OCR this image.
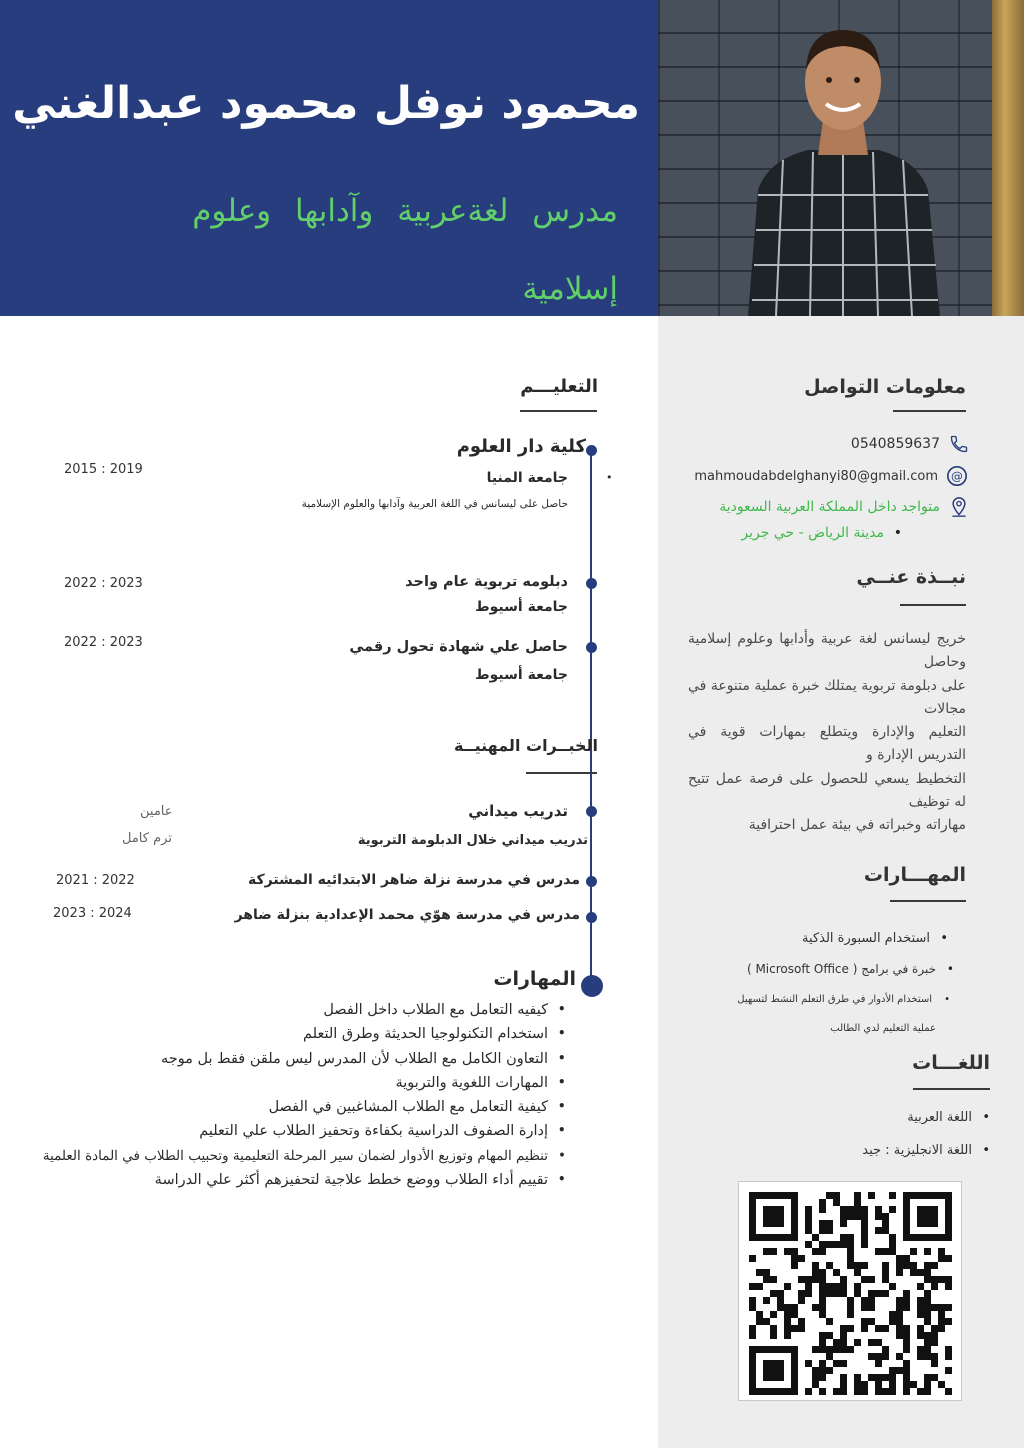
محمود نوفل محمود عبدالغني
مدرس لغةعربية وآدابها وعلوم إسلامية
معلومات التواصل
0540859637
@
mahmoudabdelghanyi80@gmail.com
متواجد داخل المملكة العربية السعودية
• مدينة الرياض - حي جرير
نبــذة عنــي
خريج ليسانس لغة عربية وأدابها وعلوم إسلامية وحاصل
على دبلومة تربوية يمتلك خبرة عملية متنوعة في مجالات
التعليم والإدارة ويتطلع بمهارات قوية في التدريس الإدارة و
التخطيط يسعي للحصول على فرصة عمل تتيح له توظيف
مهاراته وخبراته في بيئة عمل احترافية
المهـــارات
• استخدام السبورة الذكية
• خبرة في برامج ( Microsoft Office )
• استخدام الأدوار في طرق التعلم النشط لتسهيل
عملية التعليم لدي الطالب
اللغـــات
• اللغة العربية
• اللغة الانجليزية : جيد
التعليـــم
كلية دار العلوم
جامعة المنيا	•
حاصل على ليسانس في اللغة العربية وآدابها والعلوم الإسلامية
2015 : 2019
دبلومه تربوية عام واحد
جامعة أسيوط
2022 : 2023
حاصل علي شهادة تحول رقمي
جامعة أسيوط
2022 : 2023
الخبــرات المهنيــة
تدريب ميداني
تدريب ميداني خلال الدبلومة التربوية
عامين
ترم كامل
مدرس في مدرسة نزلة ضاهر الابتدائيه المشتركة
2021 : 2022
مدرس في مدرسة هوّي محمد الإعدادية بنزلة ضاهر
2023 : 2024
المهارات
• كيفيه التعامل مع الطلاب داخل الفصل
• استخدام التكنولوجيا الحديثة وطرق التعلم
• التعاون الكامل مع الطلاب لأن المدرس ليس ملقن فقط بل موجه
• المهارات اللغوية والتربوية
• كيفية التعامل مع الطلاب المشاغبين في الفصل
• إدارة الصفوف الدراسية بكفاءة وتحفيز الطلاب علي التعليم
• تنظيم المهام وتوزيع الأدوار لضمان سير المرحلة التعليمية وتحبيب الطلاب في المادة العلمية
• تقييم أداء الطلاب ووضع خطط علاجية لتحفيزهم أكثر علي الدراسة
